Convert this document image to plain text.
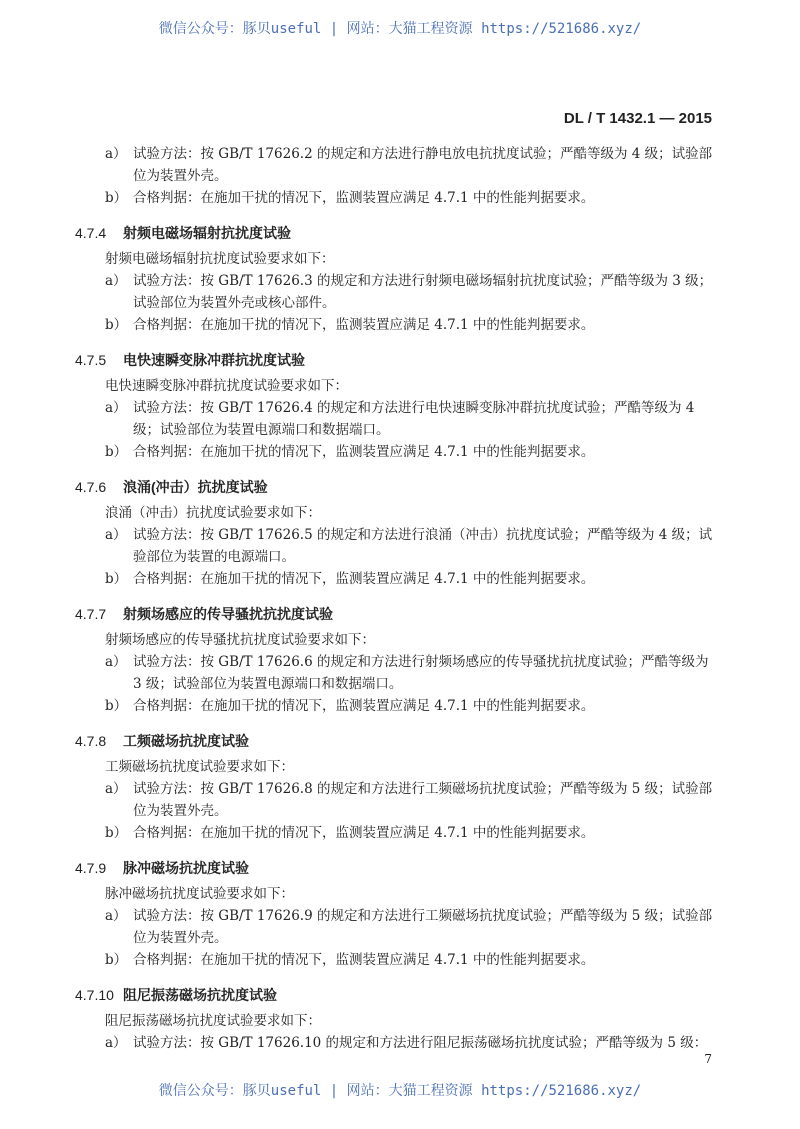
微信公众号：豚贝useful | 网站：大猫工程资源 https://521686.xyz/
DL / T 1432.1 — 2015
a） 试验方法：按 GB/T 17626.2 的规定和方法进行静电放电抗扰度试验；严酷等级为 4 级；试验部
位为装置外壳。
b） 合格判据：在施加干扰的情况下，监测装置应满足 4.7.1 中的性能判据要求。
4.7.4 射频电磁场辐射抗扰度试验
射频电磁场辐射抗扰度试验要求如下：
a） 试验方法：按 GB/T 17626.3 的规定和方法进行射频电磁场辐射抗扰度试验；严酷等级为 3 级；
试验部位为装置外壳或核心部件。
b） 合格判据：在施加干扰的情况下，监测装置应满足 4.7.1 中的性能判据要求。
4.7.5 电快速瞬变脉冲群抗扰度试验
电快速瞬变脉冲群抗扰度试验要求如下：
a） 试验方法：按 GB/T 17626.4 的规定和方法进行电快速瞬变脉冲群抗扰度试验；严酷等级为 4
级；试验部位为装置电源端口和数据端口。
b） 合格判据：在施加干扰的情况下，监测装置应满足 4.7.1 中的性能判据要求。
4.7.6 浪涌(冲击）抗扰度试验
浪涌（冲击）抗扰度试验要求如下：
a） 试验方法：按 GB/T 17626.5 的规定和方法进行浪涌（冲击）抗扰度试验；严酷等级为 4 级；试
验部位为装置的电源端口。
b） 合格判据：在施加干扰的情况下，监测装置应满足 4.7.1 中的性能判据要求。
4.7.7 射频场感应的传导骚扰抗扰度试验
射频场感应的传导骚扰抗扰度试验要求如下：
a） 试验方法：按 GB/T 17626.6 的规定和方法进行射频场感应的传导骚扰抗扰度试验；严酷等级为
3 级；试验部位为装置电源端口和数据端口。
b） 合格判据：在施加干扰的情况下，监测装置应满足 4.7.1 中的性能判据要求。
4.7.8 工频磁场抗扰度试验
工频磁场抗扰度试验要求如下：
a） 试验方法：按 GB/T 17626.8 的规定和方法进行工频磁场抗扰度试验；严酷等级为 5 级；试验部
位为装置外壳。
b） 合格判据：在施加干扰的情况下，监测装置应满足 4.7.1 中的性能判据要求。
4.7.9 脉冲磁场抗扰度试验
脉冲磁场抗扰度试验要求如下：
a） 试验方法：按 GB/T 17626.9 的规定和方法进行工频磁场抗扰度试验；严酷等级为 5 级；试验部
位为装置外壳。
b） 合格判据：在施加干扰的情况下，监测装置应满足 4.7.1 中的性能判据要求。
4.7.10 阻尼振荡磁场抗扰度试验
阻尼振荡磁场抗扰度试验要求如下：
a） 试验方法：按 GB/T 17626.10 的规定和方法进行阻尼振荡磁场抗扰度试验；严酷等级为 5 级：
7
微信公众号：豚贝useful | 网站：大猫工程资源 https://521686.xyz/
